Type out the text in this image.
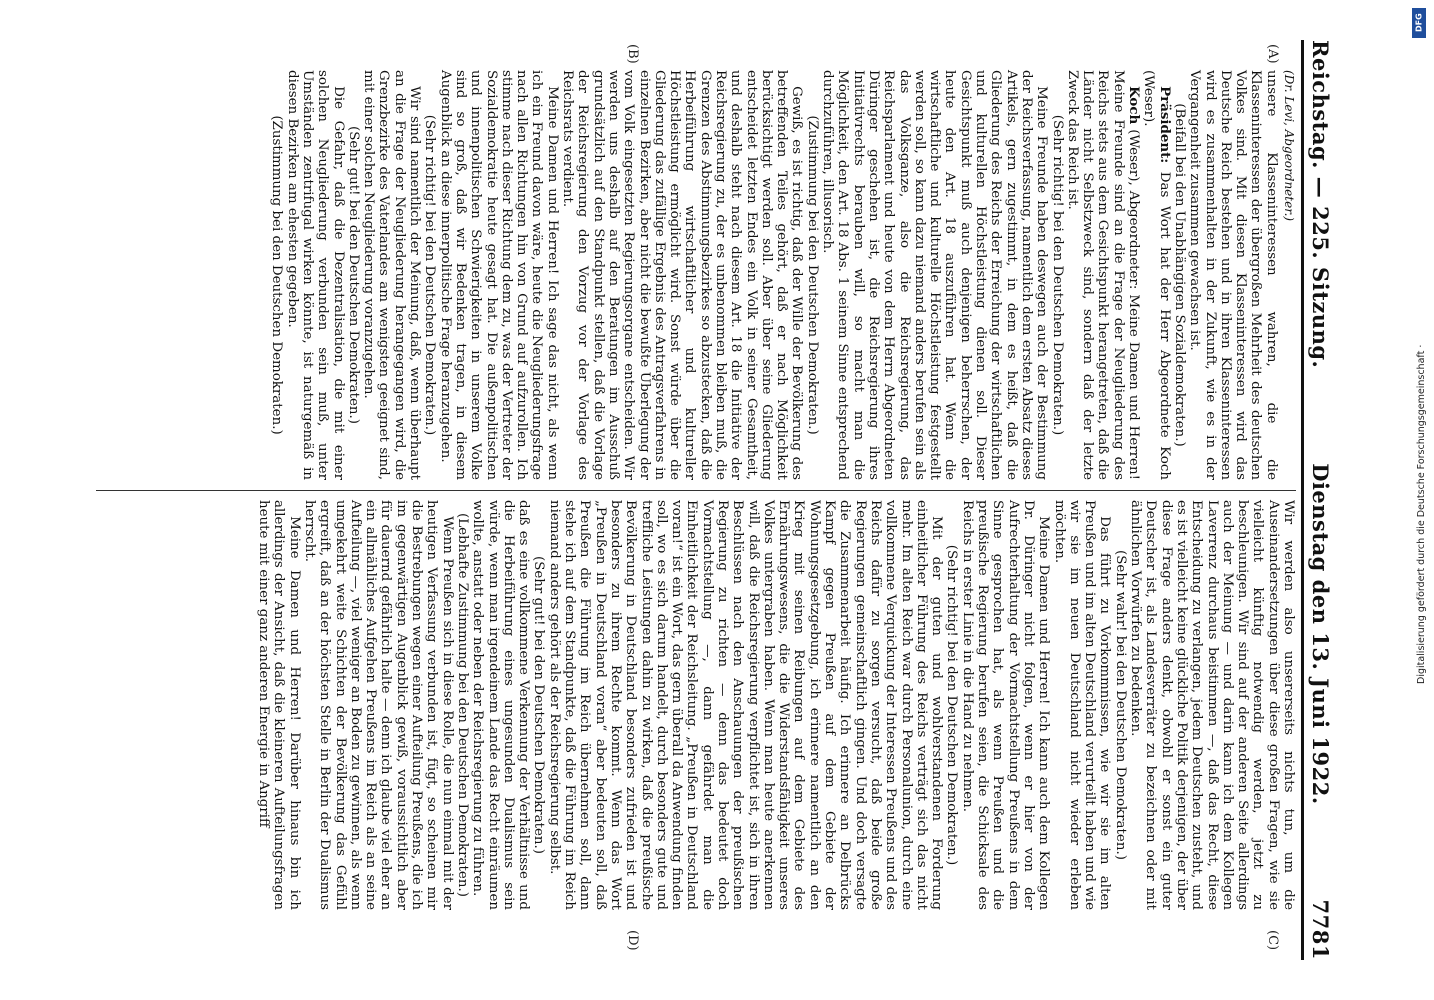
Reichstag. — 225. Sitzung.
Dienstag den 13. Juni 1922.
7781
(A)
(B)
(C)
(D)

(Dr. Levi, Abgeordneter.)

unsere Klasseninteressen wahren, die die Klasseninteressen der übergroßen Mehrheit des deutschen Volkes sind. Mit diesen Klasseninteressen wird das Deutsche Reich bestehen und in ihren Klasseninteressen wird es zusammenhalten in der Zukunft, wie es in der Vergangenheit zusammen gewachsen ist.

(Beifall bei den Unabhängigen Sozialdemokraten.)

Präsident: Das Wort hat der Herr Abgeordnete Koch (Weser).

Koch (Weser), Abgeordneter: Meine Damen und Herren! Meine Freunde sind an die Frage der Neugliederung des Reichs stets aus dem Gesichtspunkt herangetreten, daß die Länder nicht Selbstzweck sind, sondern daß der letzte Zweck das Reich ist.

(Sehr richtig! bei den Deutschen Demokraten.)

Meine Freunde haben deswegen auch der Bestimmung der Reichsverfassung, namentlich dem ersten Absatz dieses Artikels, gern zugestimmt, in dem es heißt, daß die Gliederung des Reichs der Erreichung der wirtschaftlichen und kulturellen Höchstleistung dienen soll. Dieser Gesichtspunkt muß auch denjenigen beherrschen, der heute den Art. 18 auszuführen hat. Wenn die wirtschaftliche und kulturelle Höchstleistung festgestellt werden soll, so kann dazu niemand anders berufen sein als das Volksganze, also die Reichsregierung, das Reichsparlament und heute von dem Herrn Abgeordneten Düringer geschehen ist, die Reichsregierung ihres Initiativrechts berauben will, so macht man die Möglichkeit, den Art. 18 Abs. 1 seinem Sinne entsprechend durchzuführen, illusorisch.

(Zustimmung bei den Deutschen Demokraten.)

Gewiß, es ist richtig, daß der Wille der Bevölkerung des betreffenden Teiles gehört, daß er nach Möglichkeit berücksichtigt werden soll. Aber über seine Gliederung entscheidet letzten Endes ein Volk in seiner Gesamtheit, und deshalb steht nach diesem Art. 18 die Initiative der Reichsregierung zu, der es unbenommen bleiben muß, die Grenzen des Abstimmungsbezirkes so abzustecken, daß die Herbeiführung wirtschaftlicher und kultureller Höchstleistung ermöglicht wird. Sonst würde über die Gliederung das zufällige Ergebnis des Antragsverfahrens in einzelnen Bezirken, aber nicht die bewußte Überlegung der vom Volk eingesetzten Regierungsorgane entscheiden. Wir werden uns deshalb auf den Beratungen im Ausschuß grundsätzlich auf den Standpunkt stellen, daß die Vorlage der Reichsregierung den Vorzug vor der Vorlage des Reichsrats verdient.

Meine Damen und Herren! Ich sage das nicht, als wenn ich ein Freund davon wäre, heute die Neugliederungsfrage nach allen Richtungen hin von Grund auf aufzurollen. Ich stimme nach dieser Richtung dem zu, was der Vertreter der Sozialdemokratie heute gesagt hat. Die außenpolitischen und innenpolitischen Schwierigkeiten in unserem Volke sind so groß, daß wir Bedenken tragen, in diesem Augenblick an diese innerpolitische Frage heranzugehen.

(Sehr richtig! bei den Deutschen Demokraten.)

Wir sind namentlich der Meinung, daß, wenn überhaupt an die Frage der Neugliederung herangegangen wird, die Grenzbezirke des Vaterlandes am wenigsten geeignet sind, mit einer solchen Neugliederung voranzugehen.

(Sehr gut! bei den Deutschen Demokraten.)

Die Gefahr, daß die Dezentralisation, die mit einer solchen Neugliederung verbunden sein muß, unter Umständen zentrifugal wirken könnte, ist naturgemäß in diesen Bezirken am ehesten gegeben.

(Zustimmung bei den Deutschen Demokraten.)

Wir werden also unsererseits nichts tun, um die Auseinandersetzungen über diese großen Fragen, wie sie vielleicht künftig notwendig werden, jetzt zu beschleunigen. Wir sind auf der anderen Seite allerdings auch der Meinung — und darin kann ich dem Kollegen Laverrenz durchaus beistimmen —, daß das Recht, diese Entscheidung zu verlangen, jedem Deutschen zusteht, und es ist vielleicht keine glückliche Politik derjenigen, der über diese Frage anders denkt, obwohl er sonst ein guter Deutscher ist, als Landesverräter zu bezeichnen oder mit ähnlichen Vorwürfen zu bedenken.

(Sehr wahr! bei den Deutschen Demokraten.)

Das führt zu Vorkommnissen, wie wir sie im alten Preußen und im alten Deutschland verurteilt haben und wie wir sie im neuen Deutschland nicht wieder erleben möchten.

Meine Damen und Herren! Ich kann auch dem Kollegen Dr. Düringer nicht folgen, wenn er hier von der Aufrechterhaltung der Vormachtstellung Preußens in dem Sinne gesprochen hat, als wenn Preußen und die preußische Regierung berufen seien, die Schicksale des Reichs in erster Linie in die Hand zu nehmen.

(Sehr richtig! bei den Deutschen Demokraten.)

Mit der guten und wohlverstandenen Forderung einheitlicher Führung des Reichs verträgt sich das nicht mehr. Im alten Reich war durch Personalunion, durch eine vollkommene Verquickung der Interessen Preußens und des Reichs dafür zu sorgen versucht, daß beide große Regierungen gemeinschaftlich gingen. Und doch versagte die Zusammenarbeit häufig. Ich erinnere an Delbrücks Kampf gegen Preußen auf dem Gebiete der Wohnungsgesetzgebung, ich erinnere namentlich an den Krieg mit seinen Reibungen auf dem Gebiete des Ernährungswesens, die die Widerstandsfähigkeit unseres Volkes untergraben haben. Wenn man heute anerkennen will, daß die Reichsregierung verpflichtet ist, sich in ihren Beschlüssen nach den Anschauungen der preußischen Regierung zu richten — denn das bedeutet doch Vormachtstellung —, dann gefährdet man die Einheitlichkeit der Reichsleitung. „Preußen in Deutschland voran!“ ist ein Wort, das gern überall da Anwendung finden soll, wo es sich darum handelt, durch besonders gute und treffliche Leistungen dahin zu wirken, daß die preußische Bevölkerung in Deutschland besonders zufrieden ist und besonders zu ihrem Rechte kommt. Wenn das Wort „Preußen in Deutschland voran“ aber bedeuten soll, daß Preußen die Führung im Reich übernehmen soll, dann stehe ich auf dem Standpunkte, daß die Führung im Reich niemand anders gehört als der Reichsregierung selbst.

(Sehr gut! bei den Deutschen Demokraten.)

daß es eine vollkommene Verkennung der Verhältnisse und die Herbeiführung eines ungesunden Dualismus sein würde, wenn man irgendeinem Lande das Recht einräumen wollte, anstatt oder neben der Reichsregierung zu führen.

(Lebhafte Zustimmung bei den Deutschen Demokraten.)

Wenn Preußen sich in diese Rolle, die nun einmal mit der heutigen Verfassung verbunden ist, fügt, so scheinen mir die Bestrebungen wegen einer Aufteilung Preußens, die ich im gegenwärtigen Augenblick gewiß, voraussichtlich aber für dauernd gefährlich halte — denn ich glaube viel eher an ein allmähliches Aufgehen Preußens im Reich als an seine Aufteilung —, viel weniger an Boden zu gewinnen, als wenn umgekehrt weite Schichten der Bevölkerung das Gefühl ergreift, daß an der höchsten Stelle in Berlin der Dualismus herrscht.

Meine Damen und Herren! Darüber hinaus bin ich allerdings der Ansicht, daß die kleineren Aufteilungsfragen heute mit einer ganz anderen Energie in Angriff

DFG
Digitalisierung gefördert durch die Deutsche Forschungsgemeinschaft ·
